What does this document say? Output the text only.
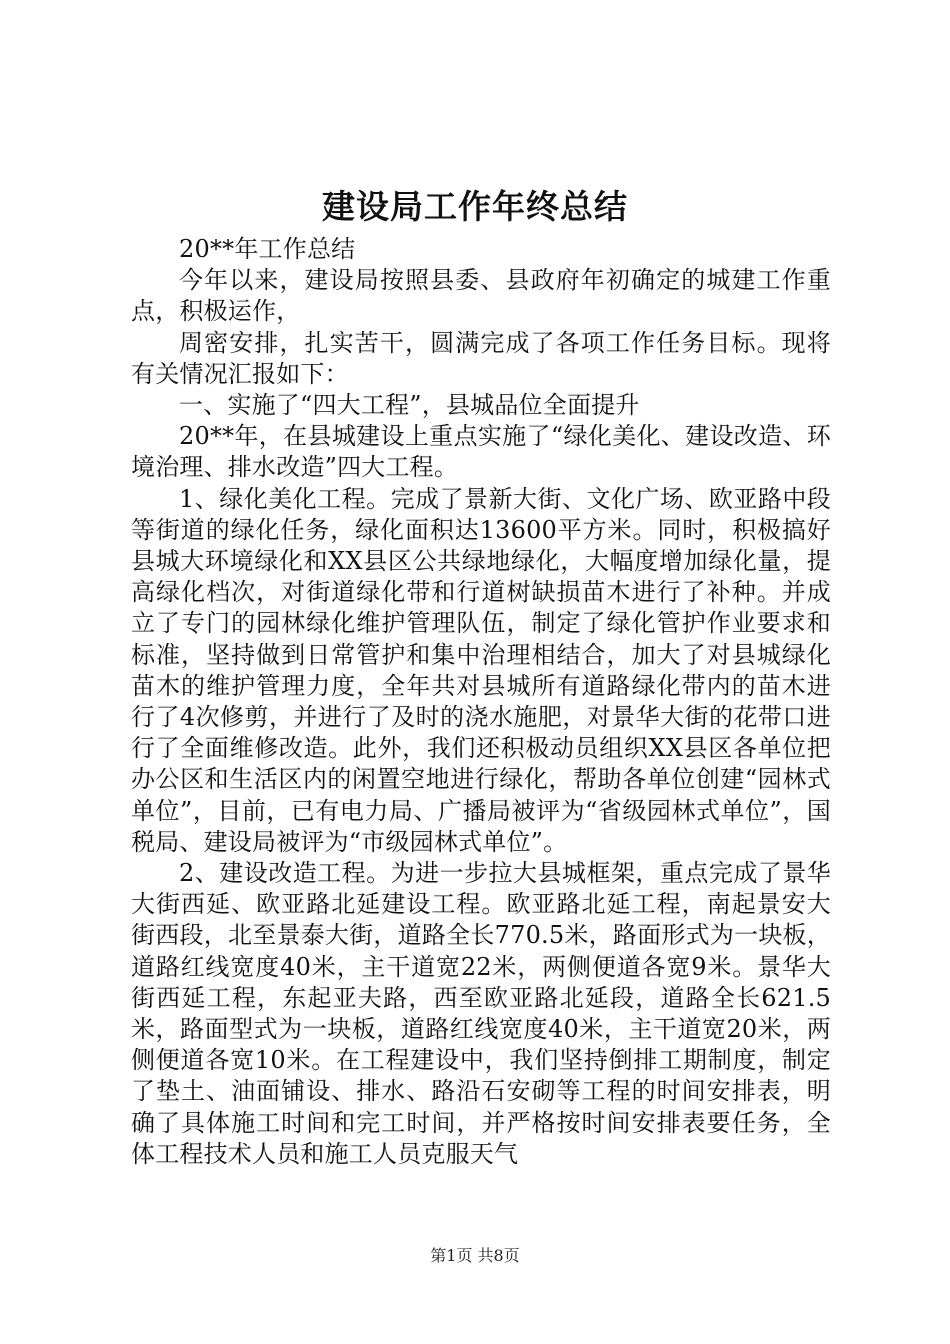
建设局工作年终总结

20**年工作总结

今年以来，建设局按照县委、县政府年初确定的城建工作重点，积极运作，

周密安排，扎实苦干，圆满完成了各项工作任务目标。现将有关情况汇报如下：

一、实施了“四大工程”，县城品位全面提升

20**年，在县城建设上重点实施了“绿化美化、建设改造、环境治理、排水改造”四大工程。

1、绿化美化工程。完成了景新大街、文化广场、欧亚路中段等街道的绿化任务，绿化面积达13600平方米。同时，积极搞好县城大环境绿化和XX县区公共绿地绿化，大幅度增加绿化量，提高绿化档次，对街道绿化带和行道树缺损苗木进行了补种。并成立了专门的园林绿化维护管理队伍，制定了绿化管护作业要求和标准，坚持做到日常管护和集中治理相结合，加大了对县城绿化苗木的维护管理力度，全年共对县城所有道路绿化带内的苗木进行了4次修剪，并进行了及时的浇水施肥，对景华大街的花带口进行了全面维修改造。此外，我们还积极动员组织XX县区各单位把办公区和生活区内的闲置空地进行绿化，帮助各单位创建“园林式单位”，目前，已有电力局、广播局被评为“省级园林式单位”，国税局、建设局被评为“市级园林式单位”。

2、建设改造工程。为进一步拉大县城框架，重点完成了景华大街西延、欧亚路北延建设工程。欧亚路北延工程，南起景安大街西段，北至景泰大街，道路全长770.5米，路面形式为一块板，道路红线宽度40米，主干道宽22米，两侧便道各宽9米。景华大街西延工程，东起亚夫路，西至欧亚路北延段，道路全长621.5米，路面型式为一块板，道路红线宽度40米，主干道宽20米，两侧便道各宽10米。在工程建设中，我们坚持倒排工期制度，制定了垫土、油面铺设、排水、路沿石安砌等工程的时间安排表，明确了具体施工时间和完工时间，并严格按时间安排表要任务，全体工程技术人员和施工人员克服天气

第1页 共8页
